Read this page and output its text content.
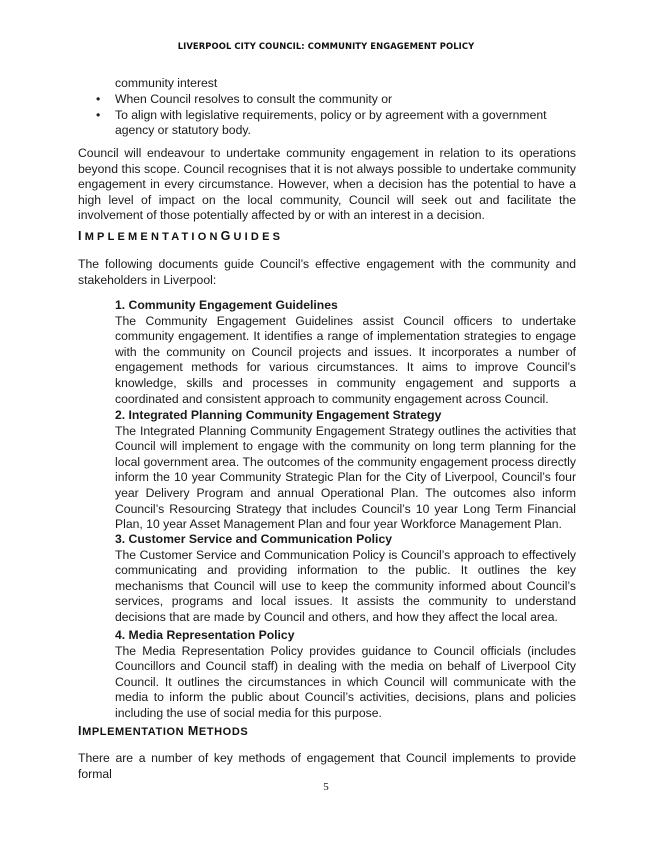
LIVERPOOL CITY COUNCIL: COMMUNITY ENGAGEMENT POLICY
community interest
• When Council resolves to consult the community or
• To align with legislative requirements, policy or by agreement with a government agency or statutory body.
Council will endeavour to undertake community engagement in relation to its operations beyond this scope. Council recognises that it is not always possible to undertake community engagement in every circumstance. However, when a decision has the potential to have a high level of impact on the local community, Council will seek out and facilitate the involvement of those potentially affected by or with an interest in a decision.
IMPLEMENTATIONGUIDES
The following documents guide Council’s effective engagement with the community and stakeholders in Liverpool:
1. Community Engagement Guidelines
The Community Engagement Guidelines assist Council officers to undertake community engagement. It identifies a range of implementation strategies to engage with the community on Council projects and issues. It incorporates a number of engagement methods for various circumstances. It aims to improve Council’s knowledge, skills and processes in community engagement and supports a coordinated and consistent approach to community engagement across Council.
2. Integrated Planning Community Engagement Strategy
The Integrated Planning Community Engagement Strategy outlines the activities that Council will implement to engage with the community on long term planning for the local government area. The outcomes of the community engagement process directly inform the 10 year Community Strategic Plan for the City of Liverpool, Council’s four year Delivery Program and annual Operational Plan. The outcomes also inform Council’s Resourcing Strategy that includes Council’s 10 year Long Term Financial Plan, 10 year Asset Management Plan and four year Workforce Management Plan.
3. Customer Service and Communication Policy
The Customer Service and Communication Policy is Council’s approach to effectively communicating and providing information to the public. It outlines the key mechanisms that Council will use to keep the community informed about Council’s services, programs and local issues. It assists the community to understand decisions that are made by Council and others, and how they affect the local area.
4. Media Representation Policy
The Media Representation Policy provides guidance to Council officials (includes Councillors and Council staff) in dealing with the media on behalf of Liverpool City Council. It outlines the circumstances in which Council will communicate with the media to inform the public about Council’s activities, decisions, plans and policies including the use of social media for this purpose.
IMPLEMENTATION METHODS
There are a number of key methods of engagement that Council implements to provide formal
5
